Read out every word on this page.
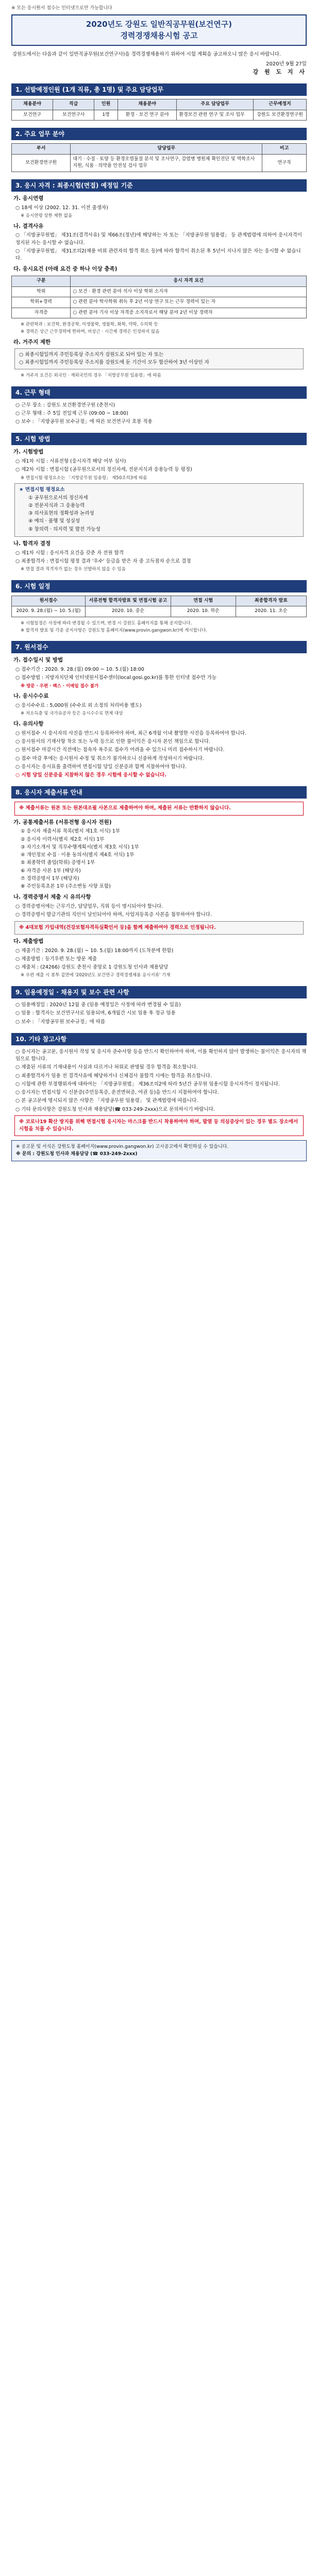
※ 모든 응시원서 접수는 인터넷으로만 가능합니다
2020년도 강원도 일반직공무원(보건연구)
경력경쟁채용시험 공고
강원도에서는 다음과 같이 일반직공무원(보건연구사)을 경력경쟁채용하기 위하여 시험 계획을 공고하오니 많은 응시 바랍니다.
2020년 9월 2?일
강 원 도 지 사
1. 선발예정인원 (1개 직류, 총 1명) 및 주요 담당업무
채용분야	직급	인원	채용분야	주요 담당업무	근무예정지
보건연구	보건연구사	1명	환경 · 보건 연구 분야	환경보건 관련 연구 및 조사 업무	강원도 보건환경연구원
2. 주요 업무 분야
부서	담당업무	비고
보건환경연구원	대기 · 수질 · 토양 등 환경오염물질 분석 및 조사연구, 감염병 병원체 확인진단 및 역학조사 지원, 식품 · 의약품 안전성 검사 업무	연구직
3. 응시 자격 : 최종시험(면접) 예정일 기준
가. 응시연령

○ 18세 이상 (2002. 12. 31. 이전 출생자)

※ 응시연령 상한 제한 없음

나. 결격사유

○ 「지방공무원법」 제31조(결격사유) 및 제66조(정년)에 해당하는 자 또는 「지방공무원 임용령」 등 관계법령에 의하여 응시자격이 정지된 자는 응시할 수 없습니다.

○ 「지방공무원법」 제31조의2(채용 비위 관련자의 합격 취소 등)에 따라 합격이 취소된 후 5년이 지나지 않은 자는 응시할 수 없습니다.

다. 응시요건 (아래 요건 중 하나 이상 충족)
구분	응시 자격 요건
학위	○ 보건 · 환경 관련 분야 석사 이상 학위 소지자
학위+경력	○ 관련 분야 학사학위 취득 후 2년 이상 연구 또는 근무 경력이 있는 자
자격증	○ 관련 분야 기사 이상 자격증 소지자로서 해당 분야 2년 이상 경력자

※ 관련학과 : 보건학, 환경공학, 미생물학, 생물학, 화학, 약학, 수의학 등

※ 경력은 상근 근무경력에 한하며, 비상근 · 시간제 경력은 인정하지 않음

라. 거주지 제한

○ 최종시험일까지 주민등록상 주소지가 강원도로 되어 있는 자 또는

○ 최종시험일까지 주민등록상 주소지를 강원도에 둔 기간이 모두 합산하여 3년 이상인 자

※ 거주지 요건은 외국인 · 재외국민의 경우 「지방공무원 임용령」에 따름

4. 근무 형태

○ 근무 장소 : 강원도 보건환경연구원 (춘천시)

○ 근무 형태 : 주 5일 전일제 근무 (09:00 ~ 18:00)

○ 보수 : 「지방공무원 보수규정」에 따른 보건연구사 호봉 적용

5. 시험 방법
가. 시험방법

○ 제1차 시험 : 서류전형 (응시자격 해당 여부 심사)

○ 제2차 시험 : 면접시험 (공무원으로서의 정신자세, 전문지식과 응용능력 등 평정)

※ 면접시험 평정요소는 「지방공무원 임용령」 제50조의3에 따름

★ 면접시험 평정요소

① 공무원으로서의 정신자세

② 전문지식과 그 응용능력

③ 의사표현의 정확성과 논리성

④ 예의 · 품행 및 성실성

⑤ 창의력 · 의지력 및 발전 가능성

나. 합격자 결정

○ 제1차 시험 : 응시자격 요건을 갖춘 자 전원 합격

○ 최종합격자 : 면접시험 평정 결과 '우수' 등급을 받은 자 중 고득점자 순으로 결정

※ 면접 결과 적격자가 없는 경우 선발하지 않을 수 있음

6. 시험 일정
원서접수	서류전형 합격자발표 및 면접시험 공고	면접 시험	최종합격자 발표
2020. 9. 28.(월) ~ 10. 5.(월)	2020. 10. 중순	2020. 10. 하순	2020. 11. 초순

※ 시험일정은 사정에 따라 변경될 수 있으며, 변경 시 강원도 홈페이지를 통해 공지합니다.

※ 합격자 발표 및 각종 공지사항은 강원도청 홈페이지(www.provin.gangwon.kr)에 게시합니다.

7. 원서접수
가. 접수일시 및 방법

○ 접수기간 : 2020. 9. 28.(월) 09:00 ~ 10. 5.(월) 18:00

○ 접수방법 : 지방자치단체 인터넷원서접수센터(local.gosi.go.kr)를 통한 인터넷 접수만 가능

※ 방문 · 우편 · 팩스 · 이메일 접수 불가

나. 응시수수료

○ 응시수수료 : 5,000원 (수수료 외 소정의 처리비용 별도)

※ 저소득층 및 국가유공자 등은 응시수수료 면제 대상

다. 유의사항

○ 원서접수 시 응시자의 사진을 반드시 등록하여야 하며, 최근 6개월 이내 촬영한 사진을 등록하여야 합니다.

○ 응시원서의 기재사항 착오 또는 누락 등으로 인한 불이익은 응시자 본인 책임으로 합니다.

○ 원서접수 마감시간 직전에는 접속자 폭주로 접수가 어려울 수 있으니 미리 접수하시기 바랍니다.

○ 접수 마감 후에는 응시원서 수정 및 취소가 불가하오니 신중하게 작성하시기 바랍니다.

○ 응시자는 응시표를 출력하여 면접시험 당일 신분증과 함께 지참하여야 합니다.

○ 시험 당일 신분증을 지참하지 않은 경우 시험에 응시할 수 없습니다.

8. 응시자 제출서류 안내

※ 제출서류는 원본 또는 원본대조필 사본으로 제출하여야 하며, 제출된 서류는 반환하지 않습니다.

가. 공통제출서류 (서류전형 응시자 전원)

① 응시자 제출서류 목록(별지 제1호 서식) 1부

② 응시자 이력서(별지 제2호 서식) 1부

③ 자기소개서 및 직무수행계획서(별지 제3호 서식) 1부

④ 개인정보 수집 · 이용 동의서(별지 제4호 서식) 1부

⑤ 최종학력 졸업(학위) 증명서 1부

⑥ 자격증 사본 1부 (해당자)

⑦ 경력증명서 1부 (해당자)

⑧ 주민등록초본 1부 (주소변동 사항 포함)

나. 경력증명서 제출 시 유의사항

○ 경력증명서에는 근무기간, 담당업무, 직위 등이 명시되어야 합니다.

○ 경력증명서 발급기관의 직인이 날인되어야 하며, 사업자등록증 사본을 첨부하여야 합니다.

※ 4대보험 가입내역(건강보험자격득실확인서 등)을 함께 제출하여야 경력으로 인정됩니다.

다. 제출방법

○ 제출기간 : 2020. 9. 28.(월) ~ 10. 5.(월) 18:00까지 (도착분에 한함)

○ 제출방법 : 등기우편 또는 방문 제출

○ 제출처 : (24266) 강원도 춘천시 중앙로 1 강원도청 인사과 채용담당

※ 우편 제출 시 봉투 겉면에 '2020년도 보건연구 경력경쟁채용 응시서류' 기재

9. 임용예정일 · 채용지 및 보수 관련 사항

○ 임용예정일 : 2020년 12월 중 (임용 예정일은 사정에 따라 변경될 수 있음)

○ 임용 : 합격자는 보건연구사로 임용되며, 6개월간 시보 임용 후 정규 임용

○ 보수 : 「지방공무원 보수규정」에 따름

10. 기타 참고사항

○ 응시자는 공고문, 응시원서 작성 및 응시자 준수사항 등을 반드시 확인하여야 하며, 이를 확인하지 않아 발생하는 불이익은 응시자의 책임으로 합니다.

○ 제출된 서류의 기재내용이 사실과 다르거나 허위로 판명될 경우 합격을 취소합니다.

○ 최종합격자가 임용 전 결격사유에 해당하거나 신체검사 불합격 시에는 합격을 취소합니다.

○ 시험에 관한 부정행위자에 대하여는 「지방공무원법」 제36조의2에 따라 5년간 공무원 임용시험 응시자격이 정지됩니다.

○ 응시자는 면접시험 시 신분증(주민등록증, 운전면허증, 여권 등)을 반드시 지참하여야 합니다.

○ 본 공고문에 명시되지 않은 사항은 「지방공무원 임용령」 및 관계법령에 따릅니다.

○ 기타 문의사항은 강원도청 인사과 채용담당(☎ 033-249-2xxx)으로 문의하시기 바랍니다.

※ 코로나19 확산 방지를 위해 면접시험 응시자는 마스크를 반드시 착용하여야 하며, 발열 등 의심증상이 있는 경우 별도 장소에서 시험을 치를 수 있습니다.

※ 공고문 및 서식은 강원도청 홈페이지(www.provin.gangwon.kr) 고시공고에서 확인하실 수 있습니다.

※ 문의 : 강원도청 인사과 채용담당 (☎ 033-249-2xxx)
